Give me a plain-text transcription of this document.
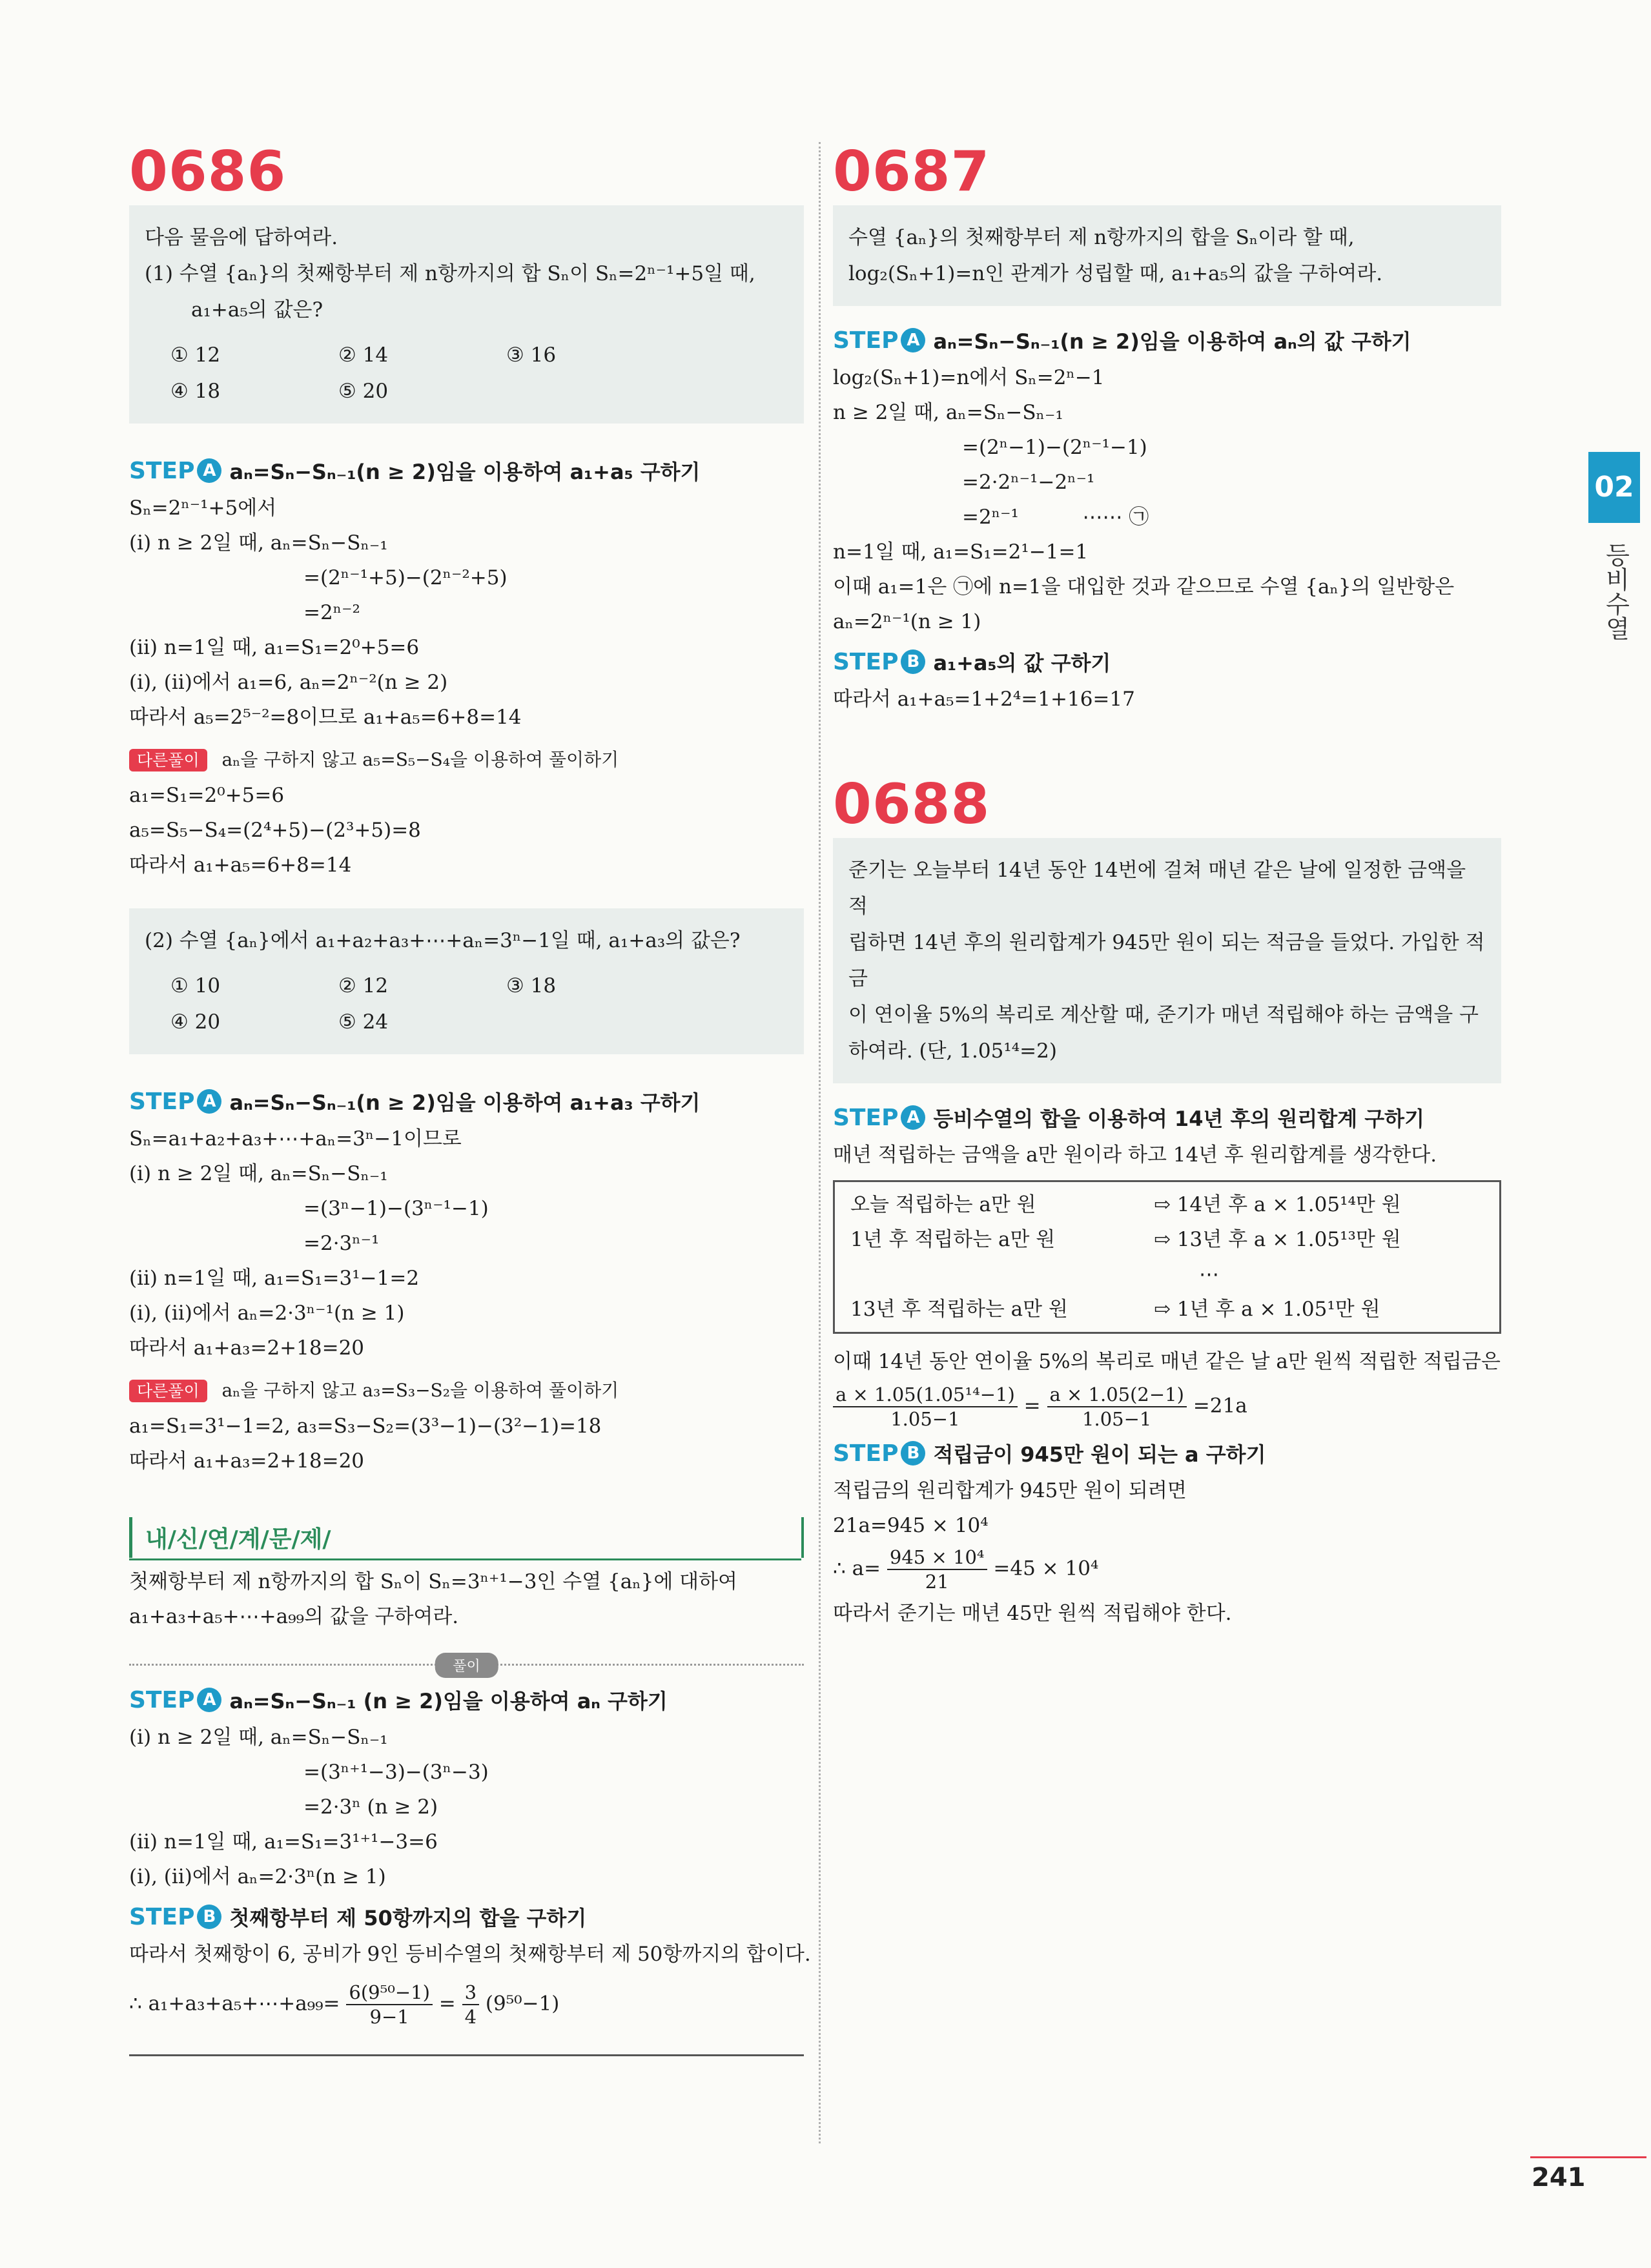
0686
다음 물음에 답하여라.
(1) 수열 {aₙ}의 첫째항부터 제 n항까지의 합 Sₙ이 Sₙ=2ⁿ⁻¹+5일 때,
a₁+a₅의 값은?
① 12	② 14	③ 16
④ 18	⑤ 20
STEP A aₙ=Sₙ−Sₙ₋₁(n ≥ 2)임을 이용하여 a₁+a₅ 구하기
Sₙ=2ⁿ⁻¹+5에서
(ⅰ) n ≥ 2일 때, aₙ=Sₙ−Sₙ₋₁
=(2ⁿ⁻¹+5)−(2ⁿ⁻²+5)
=2ⁿ⁻²
(ⅱ) n=1일 때, a₁=S₁=2⁰+5=6
(ⅰ), (ⅱ)에서 a₁=6, aₙ=2ⁿ⁻²(n ≥ 2)
따라서 a₅=2⁵⁻²=8이므로 a₁+a₅=6+8=14
다른풀이 aₙ을 구하지 않고 a₅=S₅−S₄을 이용하여 풀이하기
a₁=S₁=2⁰+5=6
a₅=S₅−S₄=(2⁴+5)−(2³+5)=8
따라서 a₁+a₅=6+8=14
(2) 수열 {aₙ}에서 a₁+a₂+a₃+⋯+aₙ=3ⁿ−1일 때, a₁+a₃의 값은?
① 10	② 12	③ 18
④ 20	⑤ 24
STEP A aₙ=Sₙ−Sₙ₋₁(n ≥ 2)임을 이용하여 a₁+a₃ 구하기
Sₙ=a₁+a₂+a₃+⋯+aₙ=3ⁿ−1이므로
(ⅰ) n ≥ 2일 때, aₙ=Sₙ−Sₙ₋₁
=(3ⁿ−1)−(3ⁿ⁻¹−1)
=2·3ⁿ⁻¹
(ⅱ) n=1일 때, a₁=S₁=3¹−1=2
(ⅰ), (ⅱ)에서 aₙ=2·3ⁿ⁻¹(n ≥ 1)
따라서 a₁+a₃=2+18=20
다른풀이 aₙ을 구하지 않고 a₃=S₃−S₂을 이용하여 풀이하기
a₁=S₁=3¹−1=2, a₃=S₃−S₂=(3³−1)−(3²−1)=18
따라서 a₁+a₃=2+18=20
내/신/연/계/문/제/
첫째항부터 제 n항까지의 합 Sₙ이 Sₙ=3ⁿ⁺¹−3인 수열 {aₙ}에 대하여
a₁+a₃+a₅+⋯+a₉₉의 값을 구하여라.
풀이
STEP A aₙ=Sₙ−Sₙ₋₁ (n ≥ 2)임을 이용하여 aₙ 구하기
(ⅰ) n ≥ 2일 때, aₙ=Sₙ−Sₙ₋₁
=(3ⁿ⁺¹−3)−(3ⁿ−3)
=2·3ⁿ (n ≥ 2)
(ⅱ) n=1일 때, a₁=S₁=3¹⁺¹−3=6
(ⅰ), (ⅱ)에서 aₙ=2·3ⁿ(n ≥ 1)
STEP B 첫째항부터 제 50항까지의 합을 구하기
따라서 첫째항이 6, 공비가 9인 등비수열의 첫째항부터 제 50항까지의 합이다.
∴ a₁+a₃+a₅+⋯+a₉₉= $\frac{\text{6(9⁵⁰−1)}}{9-1} = \frac{3}{4} (9^{50}-1)$
0687
수열 {aₙ}의 첫째항부터 제 n항까지의 합을 Sₙ이라 할 때,
log₂(Sₙ+1)=n인 관계가 성립할 때, a₁+a₅의 값을 구하여라.
STEP A aₙ=Sₙ−Sₙ₋₁(n ≥ 2)임을 이용하여 aₙ의 값 구하기
log₂(Sₙ+1)=n에서 Sₙ=2ⁿ−1
n ≥ 2일 때, aₙ=Sₙ−Sₙ₋₁
=(2ⁿ−1)−(2ⁿ⁻¹−1)
=2·2ⁿ⁻¹−2ⁿ⁻¹
=2ⁿ⁻¹          ⋯⋯ ㉠
n=1일 때, a₁=S₁=2¹−1=1
이때 a₁=1은 ㉠에 n=1을 대입한 것과 같으므로 수열 {aₙ}의 일반항은
aₙ=2ⁿ⁻¹(n ≥ 1)
STEP B a₁+a₅의 값 구하기
따라서 a₁+a₅=1+2⁴=1+16=17
0688
준기는 오늘부터 14년 동안 14번에 걸쳐 매년 같은 날에 일정한 금액을 적
립하면 14년 후의 원리합계가 945만 원이 되는 적금을 들었다. 가입한 적금
이 연이율 5%의 복리로 계산할 때, 준기가 매년 적립해야 하는 금액을 구
하여라. (단, 1.05¹⁴=2)
STEP A 등비수열의 합을 이용하여 14년 후의 원리합계 구하기
매년 적립하는 금액을 a만 원이라 하고 14년 후 원리합계를 생각한다.
오늘 적립하는 a만 원	⇨ 14년 후 a × 1.05¹⁴만 원
1년 후 적립하는 a만 원	⇨ 13년 후 a × 1.05¹³만 원
⋯
13년 후 적립하는 a만 원	⇨ 1년 후 a × 1.05¹만 원
이때 14년 동안 연이율 5%의 복리로 매년 같은 날 a만 원씩 적립한 적립금은
$\frac{\text{a × 1.05(1.05¹⁴−1)}}{1.05-1} = \frac{a \times 1.05(2-1)}{1.05-1} =21a$
STEP B 적립금이 945만 원이 되는 a 구하기
적립금의 원리합계가 945만 원이 되려면
21a=945 × 10⁴
∴ $a= \frac{\text{945 × 10⁴}}{21} =45 \times 10^4$
따라서 준기는 매년 45만 원씩 적립해야 한다.
02
등비수열
241
